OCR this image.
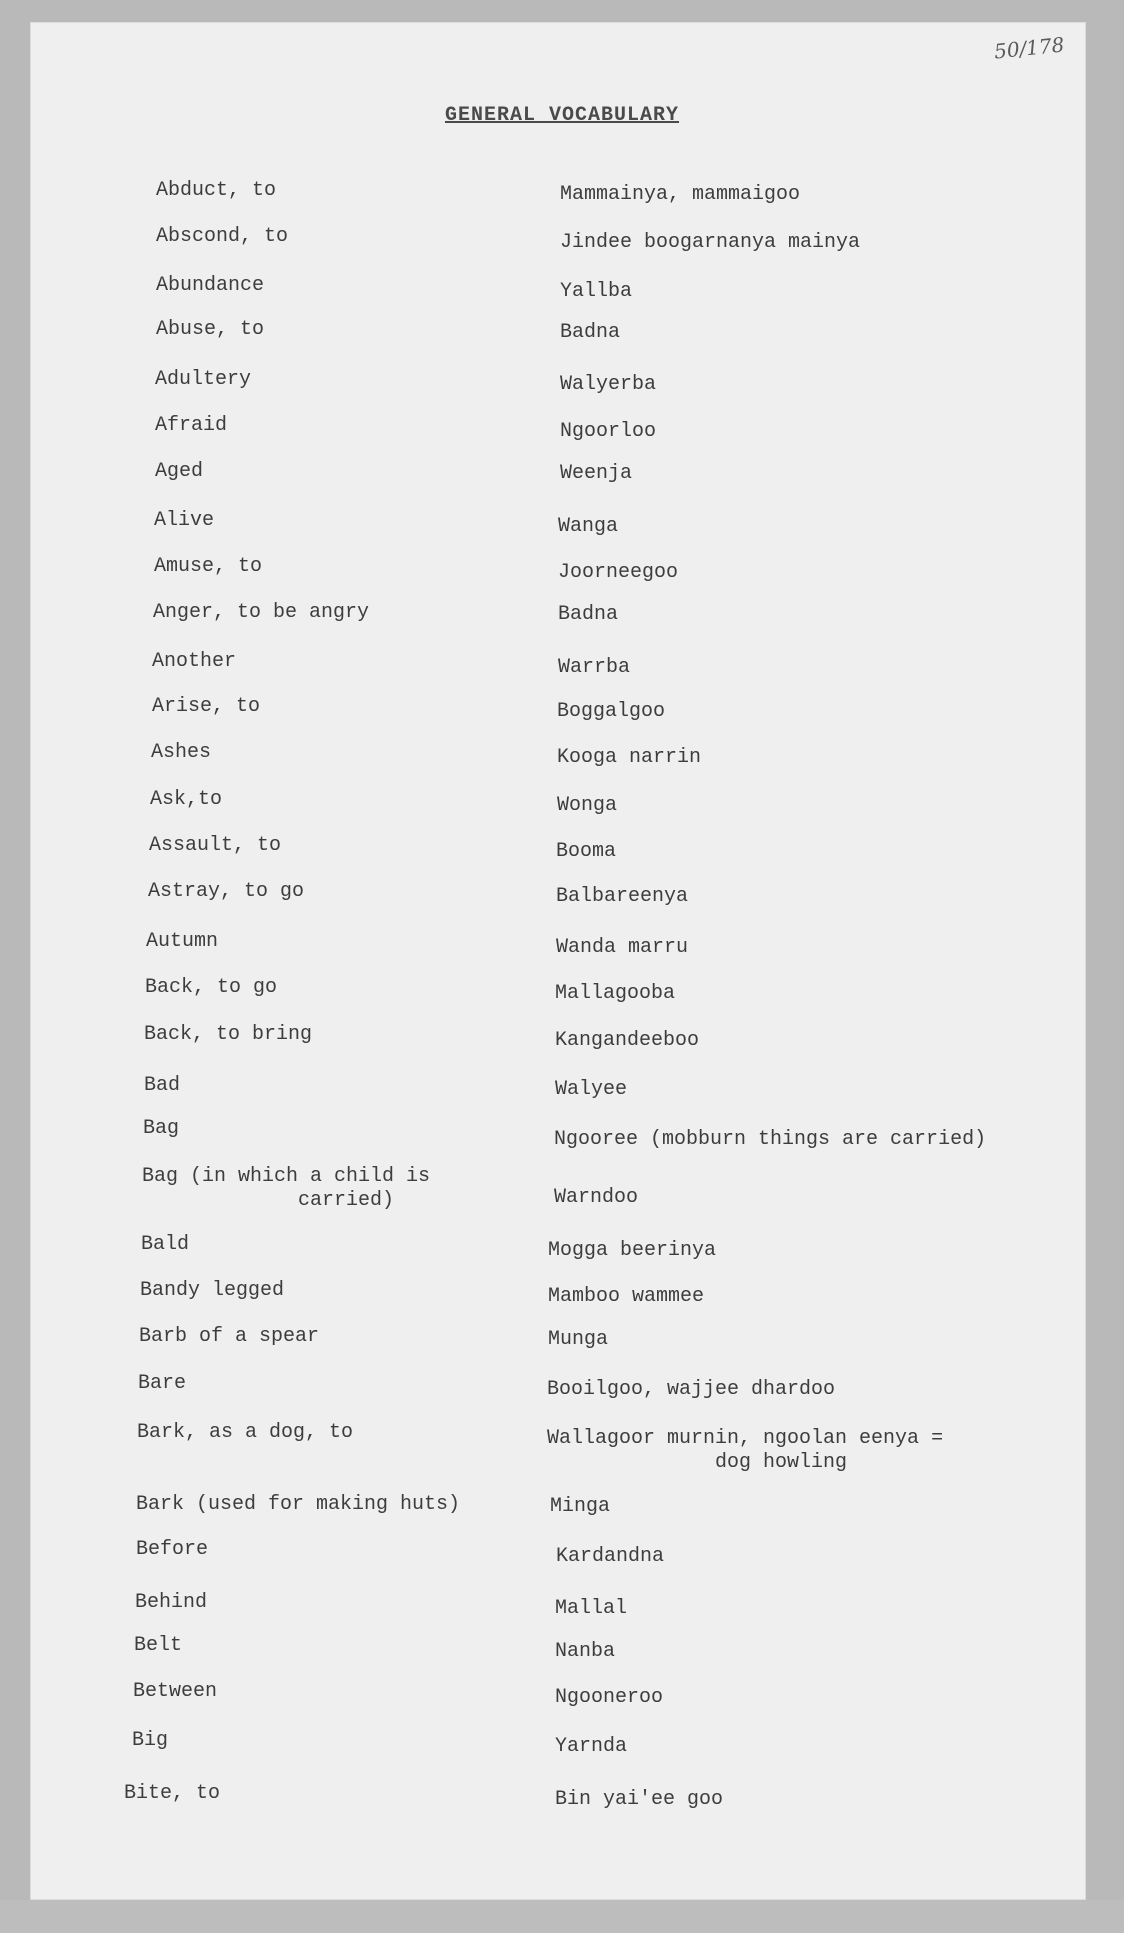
50/178
GENERAL VOCABULARY
Abduct, to	Mammainya, mammaigoo
Abscond, to	Jindee boogarnanya mainya
Abundance	Yallba
Abuse, to	Badna
Adultery	Walyerba
Afraid	Ngoorloo
Aged	Weenja
Alive	Wanga
Amuse, to	Joorneegoo
Anger, to be angry	Badna
Another	Warrba
Arise, to	Boggalgoo
Ashes	Kooga narrin
Ask,to	Wonga
Assault, to	Booma
Astray, to go	Balbareenya
Autumn	Wanda marru
Back, to go	Mallagooba
Back, to bring	Kangandeeboo
Bad	Walyee
Bag	Ngooree (mobburn things are carried)
Bag (in which a child is
carried)	Warndoo
Bald	Mogga beerinya
Bandy legged	Mamboo wammee
Barb of a spear	Munga
Bare	Booilgoo, wajjee dhardoo
Bark, as a dog, to	Wallagoor murnin, ngoolan eenya =
dog howling
Bark (used for making huts)	Minga
Before	Kardandna
Behind	Mallal
Belt	Nanba
Between	Ngooneroo
Big	Yarnda
Bite, to	Bin yai'ee goo
